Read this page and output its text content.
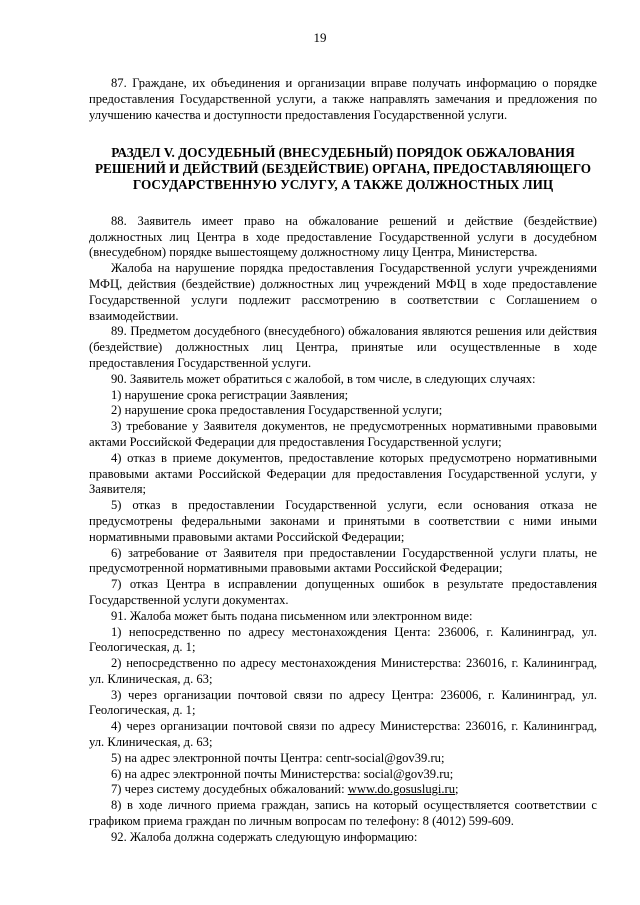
19

87. Граждане, их объединения и организации вправе получать информацию о порядке предоставления Государственной услуги, а также направлять замечания и предложения по улучшению качества и доступности предоставления Государственной услуги.

РАЗДЕЛ V. ДОСУДЕБНЫЙ (ВНЕСУДЕБНЫЙ) ПОРЯДОК ОБЖАЛОВАНИЯ
РЕШЕНИЙ И ДЕЙСТВИЙ (БЕЗДЕЙСТВИЕ) ОРГАНА, ПРЕДОСТАВЛЯЮЩЕГО
ГОСУДАРСТВЕННУЮ УСЛУГУ, А ТАКЖЕ ДОЛЖНОСТНЫХ ЛИЦ

88. Заявитель имеет право на обжалование решений и действие (бездействие) должностных лиц Центра в ходе предоставление Государственной услуги в досудебном (внесудебном) порядке вышестоящему должностному лицу Центра, Министерства.

Жалоба на нарушение порядка предоставления Государственной услуги учреждениями МФЦ, действия (бездействие) должностных лиц учреждений МФЦ в ходе предоставление Государственной услуги подлежит рассмотрению в соответствии с Соглашением о взаимодействии.

89. Предметом досудебного (внесудебного) обжалования являются решения или действия (бездействие) должностных лиц Центра, принятые или осуществленные в ходе предоставления Государственной услуги.

90. Заявитель может обратиться с жалобой, в том числе, в следующих случаях:

1) нарушение срока регистрации Заявления;

2) нарушение срока предоставления Государственной услуги;

3) требование у Заявителя документов, не предусмотренных нормативными правовыми актами Российской Федерации для предоставления Государственной услуги;

4) отказ в приеме документов, предоставление которых предусмотрено нормативными правовыми актами Российской Федерации для предоставления Государственной услуги, у Заявителя;

5) отказ в предоставлении Государственной услуги, если основания отказа не предусмотрены федеральными законами и принятыми в соответствии с ними иными нормативными правовыми актами Российской Федерации;

6) затребование от Заявителя при предоставлении Государственной услуги платы, не предусмотренной нормативными правовыми актами Российской Федерации;

7) отказ Центра в исправлении допущенных ошибок в результате предоставления Государственной услуги документах.

91. Жалоба может быть подана письменном или электронном виде:

1) непосредственно по адресу местонахождения Цента: 236006, г. Калининград, ул. Геологическая, д. 1;

2) непосредственно по адресу местонахождения Министерства: 236016, г. Калининград, ул. Клиническая, д. 63;

3) через организации почтовой связи по адресу Центра: 236006, г. Калининград, ул. Геологическая, д. 1;

4) через организации почтовой связи по адресу Министерства: 236016, г. Калининград, ул. Клиническая, д. 63;

5) на адрес электронной почты Центра: centr-social@gov39.ru;

6) на адрес электронной почты Министерства: social@gov39.ru;

7) через систему досудебных обжалований: www.do.gosuslugi.ru;

8) в ходе личного приема граждан, запись на который осуществляется соответствии с графиком приема граждан по личным вопросам по телефону: 8 (4012) 599-609.

92. Жалоба должна содержать следующую информацию:
